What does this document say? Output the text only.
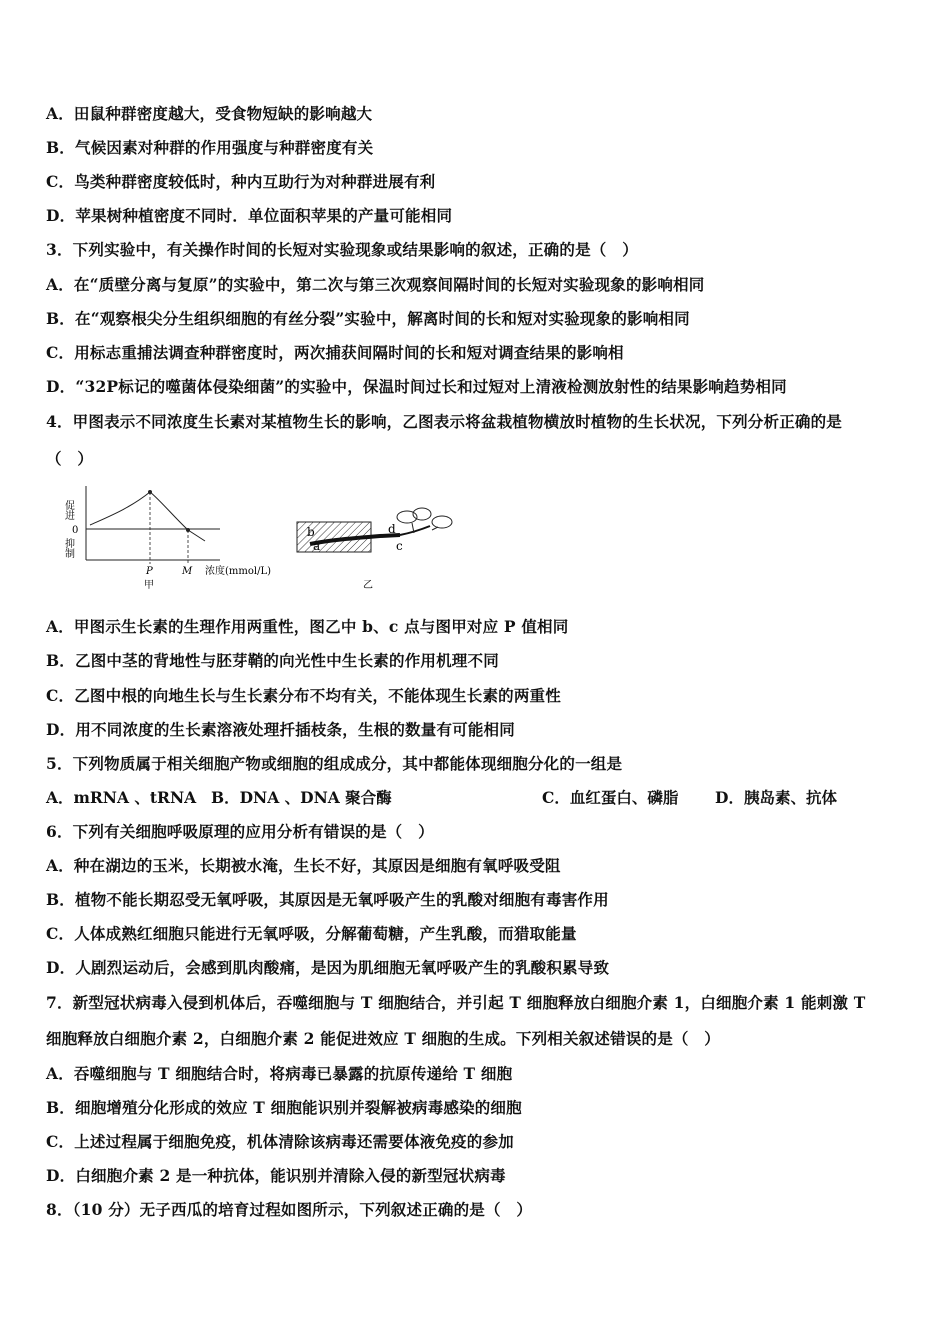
A．田鼠种群密度越大，受食物短缺的影响越大
B．气候因素对种群的作用强度与种群密度有关
C．鸟类种群密度较低时，种内互助行为对种群进展有利
D．苹果树种植密度不同时．单位面积苹果的产量可能相同
3．下列实验中，有关操作时间的长短对实验现象或结果影响的叙述，正确的是（　）
A．在“质壁分离与复原”的实验中，第二次与第三次观察间隔时间的长短对实验现象的影响相同
B．在“观察根尖分生组织细胞的有丝分裂”实验中，解离时间的长和短对实验现象的影响相同
C．用标志重捕法调查种群密度时，两次捕获间隔时间的长和短对调查结果的影响相
D．“32P标记的噬菌体侵染细菌”的实验中，保温时间过长和过短对上清液检测放射性的结果影响趋势相同
4．甲图表示不同浓度生长素对某植物生长的影响，乙图表示将盆栽植物横放时植物的生长状况，下列分析正确的是
（　）
促进
0
抑制
P	M 浓度(mmol/L)
甲
b
a	c
d
乙
A．甲图示生长素的生理作用两重性，图乙中 b、c 点与图甲对应 P 值相同
B．乙图中茎的背地性与胚芽鞘的向光性中生长素的作用机理不同
C．乙图中根的向地生长与生长素分布不均有关，不能体现生长素的两重性
D．用不同浓度的生长素溶液处理扦插枝条，生根的数量有可能相同
5．下列物质属于相关细胞产物或细胞的组成成分，其中都能体现细胞分化的一组是
A．mRNA 、tRNA B．DNA 、DNA 聚合酶	C．血红蛋白、磷脂 D．胰岛素、抗体
6．下列有关细胞呼吸原理的应用分析有错误的是（　）
A．种在湖边的玉米，长期被水淹，生长不好，其原因是细胞有氧呼吸受阻
B．植物不能长期忍受无氧呼吸，其原因是无氧呼吸产生的乳酸对细胞有毒害作用
C．人体成熟红细胞只能进行无氧呼吸，分解葡萄糖，产生乳酸，而猎取能量
D．人剧烈运动后，会感到肌肉酸痛，是因为肌细胞无氧呼吸产生的乳酸积累导致
7．新型冠状病毒入侵到机体后，吞噬细胞与 T 细胞结合，并引起 T 细胞释放白细胞介素 1，白细胞介素 1 能刺激 T
细胞释放白细胞介素 2，白细胞介素 2 能促进效应 T 细胞的生成。下列相关叙述错误的是（　）
A．吞噬细胞与 T 细胞结合时，将病毒已暴露的抗原传递给 T 细胞
B．细胞增殖分化形成的效应 T 细胞能识别并裂解被病毒感染的细胞
C．上述过程属于细胞免疫，机体清除该病毒还需要体液免疫的参加
D．白细胞介素 2 是一种抗体，能识别并清除入侵的新型冠状病毒
8．（10 分）无子西瓜的培育过程如图所示，下列叙述正确的是（　）
